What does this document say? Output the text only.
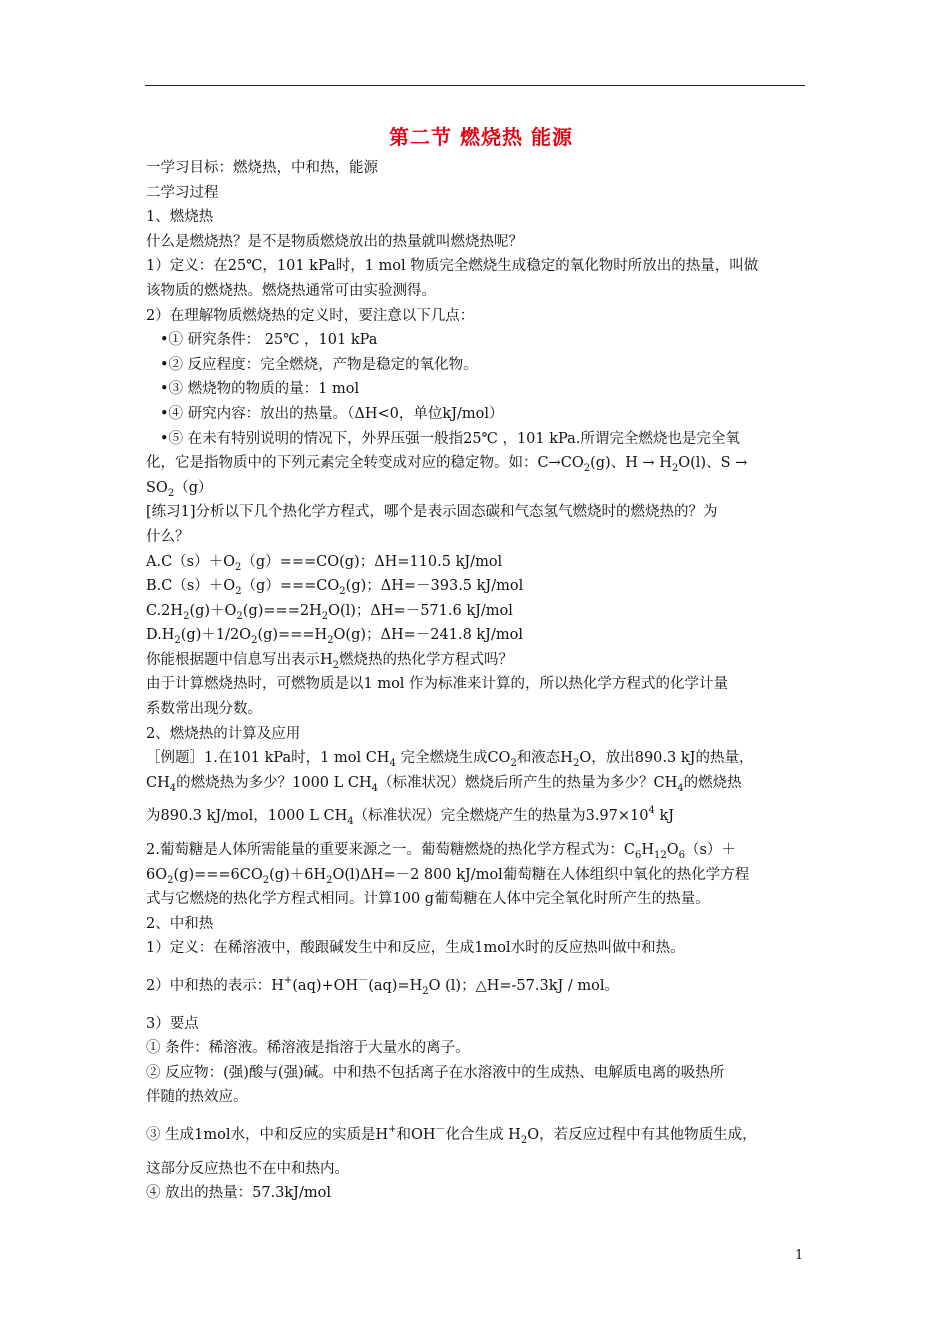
第二节 燃烧热 能源
一学习目标：燃烧热，中和热，能源
二学习过程
1、燃烧热
什么是燃烧热？是不是物质燃烧放出的热量就叫燃烧热呢？
1）定义：在25℃，101 kPa时，1 mol 物质完全燃烧生成稳定的氧化物时所放出的热量，叫做
该物质的燃烧热。燃烧热通常可由实验测得。
2）在理解物质燃烧热的定义时，要注意以下几点：
•① 研究条件： 25℃ ，101 kPa
•② 反应程度：完全燃烧，产物是稳定的氧化物。
•③ 燃烧物的物质的量：1 mol
•④ 研究内容：放出的热量。（ΔH<0，单位kJ/mol）
•⑤ 在未有特别说明的情况下，外界压强一般指25℃ ，101 kPa.所谓完全燃烧也是完全氧
化，它是指物质中的下列元素完全转变成对应的稳定物。如：$C\to CO_2(g)$、$H \to H_2O(l)$、S →
$SO_2(g)$
[练习1]分析以下几个热化学方程式，哪个是表示固态碳和气态氢气燃烧时的燃烧热的？为
什么？
$A.C(s)+O_2(g)===CO(g)$；ΔH=110.5 kJ/mol
$B.C(s)+O_2(g)===CO_2(g)$；ΔH=－393.5 kJ/mol
$C.2H_2(g)+O_2(g)===2H_2O(l)$；ΔH=－571.6 kJ/mol
$D.H_2(g)+1/2O_2(g)===H_2O(g)$；ΔH=－241.8 kJ/mol
你能根据题中信息写出表示$H_2$燃烧热的热化学方程式吗？
由于计算燃烧热时，可燃物质是以1 mol 作为标准来计算的，所以热化学方程式的化学计量
系数常出现分数。
2、燃烧热的计算及应用
［例题］1.在101 kPa时，1 mol $CH_4$ 完全燃烧生成$CO_2$和液态$H_2O$，放出890.3 kJ的热量，
$CH_4$的燃烧热为多少？1000 L $CH_4$（标准状况）燃烧后所产生的热量为多少？$CH_4$的燃烧热
为890.3 kJ/mol，1000 L $CH_4$（标准状况）完全燃烧产生的热量为$3.97\times 10^4$ kJ
2.葡萄糖是人体所需能量的重要来源之一。葡萄糖燃烧的热化学方程式为：$C_6H_{12}O_6(s)+$
$6O_2(g)===6CO_2(g)+6H_2O(l)\Delta H=-2$ 800 kJ/mol葡萄糖在人体组织中氧化的热化学方程
式与它燃烧的热化学方程式相同。计算100 g葡萄糖在人体中完全氧化时所产生的热量。
2、中和热
1）定义：在稀溶液中，酸跟碱发生中和反应，生成1mol水时的反应热叫做中和热。
2）中和热的表示：$H^+(aq)+OH^-(aq)=H_2O$ (l)；△H=-57.3kJ / mol。
3）要点
① 条件：稀溶液。稀溶液是指溶于大量水的离子。
② 反应物：(强)酸与(强)碱。中和热不包括离子在水溶液中的生成热、电解质电离的吸热所
伴随的热效应。
③ 生成1mol水，中和反应的实质是H+和OH－化合生成 $H_2O$，若反应过程中有其他物质生成，
这部分反应热也不在中和热内。
④ 放出的热量：57.3kJ/mol
1
